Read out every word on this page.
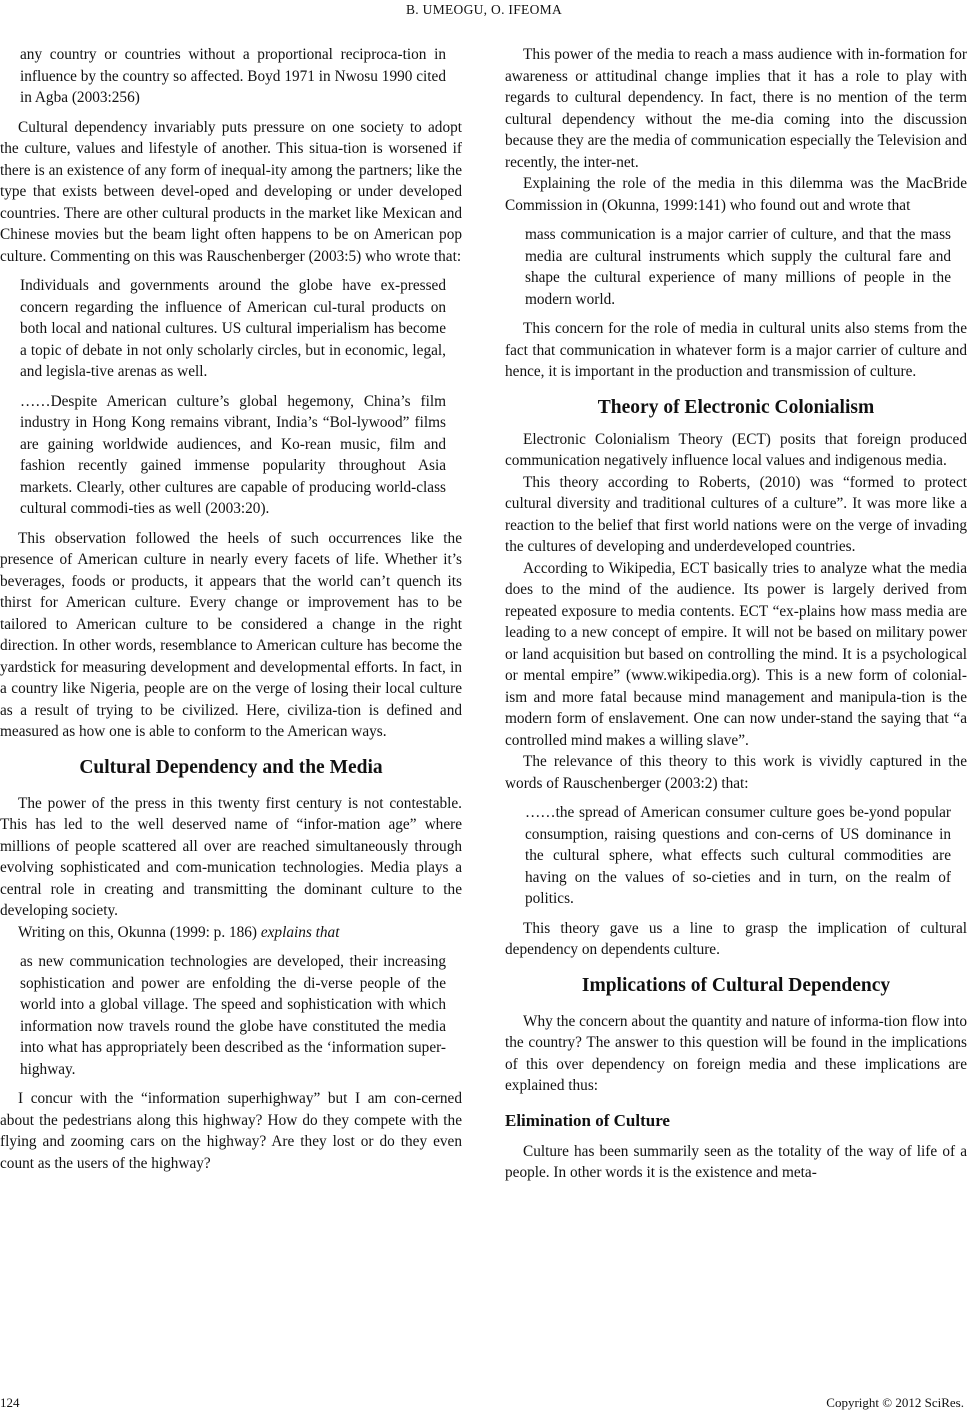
B. UMEOGU, O. IFEOMA

any country or countries without a proportional reciproca-tion in influence by the country so affected. Boyd 1971 in Nwosu 1990 cited in Agba (2003:256)

Cultural dependency invariably puts pressure on one society to adopt the culture, values and lifestyle of another. This situa-tion is worsened if there is an existence of any form of inequal-ity among the partners; like the type that exists between devel-oped and developing or under developed countries. There are other cultural products in the market like Mexican and Chinese movies but the beam light often happens to be on American pop culture. Commenting on this was Rauschenberger (2003:5) who wrote that:

Individuals and governments around the globe have ex-pressed concern regarding the influence of American cul-tural products on both local and national cultures. US cultural imperialism has become a topic of debate in not only scholarly circles, but in economic, legal, and legisla-tive arenas as well.

……Despite American culture’s global hegemony, China’s film industry in Hong Kong remains vibrant, India’s “Bol-lywood” films are gaining worldwide audiences, and Ko-rean music, film and fashion recently gained immense popularity throughout Asia markets. Clearly, other cultures are capable of producing world-class cultural commodi-ties as well (2003:20).

This observation followed the heels of such occurrences like the presence of American culture in nearly every facets of life. Whether it’s beverages, foods or products, it appears that the world can’t quench its thirst for American culture. Every change or improvement has to be tailored to American culture to be considered a change in the right direction. In other words, resemblance to American culture has become the yardstick for measuring development and developmental efforts. In fact, in a country like Nigeria, people are on the verge of losing their local culture as a result of trying to be civilized. Here, civiliza-tion is defined and measured as how one is able to conform to the American ways.

Cultural Dependency and the Media

The power of the press in this twenty first century is not contestable. This has led to the well deserved name of “infor-mation age” where millions of people scattered all over are reached simultaneously through evolving sophisticated and com-munication technologies. Media plays a central role in creating and transmitting the dominant culture to the developing society.

Writing on this, Okunna (1999: p. 186) explains that

as new communication technologies are developed, their increasing sophistication and power are enfolding the di-verse people of the world into a global village. The speed and sophistication with which information now travels round the globe have constituted the media into what has appropriately been described as the ‘information super-highway.

I concur with the “information superhighway” but I am con-cerned about the pedestrians along this highway? How do they compete with the flying and zooming cars on the highway? Are they lost or do they even count as the users of the highway?

This power of the media to reach a mass audience with in-formation for awareness or attitudinal change implies that it has a role to play with regards to cultural dependency. In fact, there is no mention of the term cultural dependency without the me-dia coming into the discussion because they are the media of communication especially the Television and recently, the inter-net.

Explaining the role of the media in this dilemma was the MacBride Commission in (Okunna, 1999:141) who found out and wrote that

mass communication is a major carrier of culture, and that the mass media are cultural instruments which supply the cultural fare and shape the cultural experience of many millions of people in the modern world.

This concern for the role of media in cultural units also stems from the fact that communication in whatever form is a major carrier of culture and hence, it is important in the production and transmission of culture.

Theory of Electronic Colonialism

Electronic Colonialism Theory (ECT) posits that foreign produced communication negatively influence local values and indigenous media.

This theory according to Roberts, (2010) was “formed to protect cultural diversity and traditional cultures of a culture”. It was more like a reaction to the belief that first world nations were on the verge of invading the cultures of developing and underdeveloped countries.

According to Wikipedia, ECT basically tries to analyze what the media does to the mind of the audience. Its power is largely derived from repeated exposure to media contents. ECT “ex-plains how mass media are leading to a new concept of empire. It will not be based on military power or land acquisition but based on controlling the mind. It is a psychological or mental empire” (www.wikipedia.org). This is a new form of colonial-ism and more fatal because mind management and manipula-tion is the modern form of enslavement. One can now under-stand the saying that “a controlled mind makes a willing slave”.

The relevance of this theory to this work is vividly captured in the words of Rauschenberger (2003:2) that:

……the spread of American consumer culture goes be-yond popular consumption, raising questions and con-cerns of US dominance in the cultural sphere, what effects such cultural commodities are having on the values of so-cieties and in turn, on the realm of politics.

This theory gave us a line to grasp the implication of cultural dependency on dependents culture.

Implications of Cultural Dependency

Why the concern about the quantity and nature of informa-tion flow into the country? The answer to this question will be found in the implications of this over dependency on foreign media and these implications are explained thus:

Elimination of Culture

Culture has been summarily seen as the totality of the way of life of a people. In other words it is the existence and meta-

124	Copyright © 2012 SciRes.
